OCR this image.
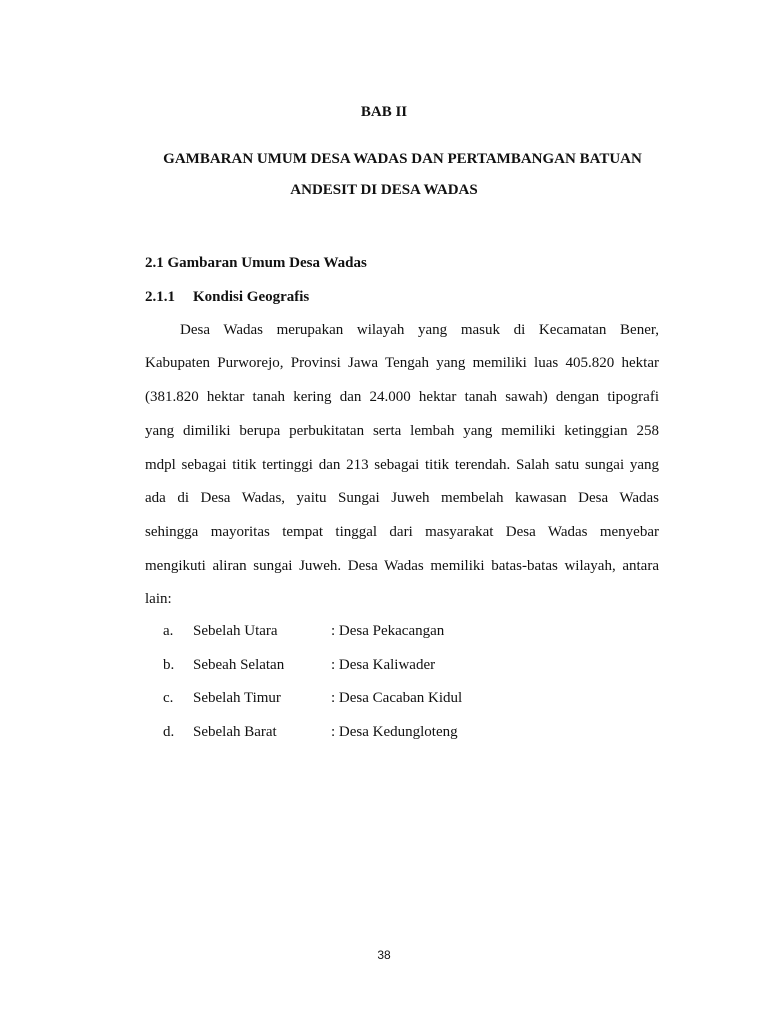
BAB II
GAMBARAN UMUM DESA WADAS DAN PERTAMBANGAN BATUAN
ANDESIT DI DESA WADAS
2.1 Gambaran Umum Desa Wadas
2.1.1 Kondisi Geografis
Desa Wadas merupakan wilayah yang masuk di Kecamatan Bener,
Kabupaten Purworejo, Provinsi Jawa Tengah yang memiliki luas 405.820 hektar
(381.820 hektar tanah kering dan 24.000 hektar tanah sawah) dengan tipografi
yang dimiliki berupa perbukitatan serta lembah yang memiliki ketinggian 258
mdpl sebagai titik tertinggi dan 213 sebagai titik terendah. Salah satu sungai yang
ada di Desa Wadas, yaitu Sungai Juweh membelah kawasan Desa Wadas
sehingga mayoritas tempat tinggal dari masyarakat Desa Wadas menyebar
mengikuti aliran sungai Juweh. Desa Wadas memiliki batas-batas wilayah, antara
lain:
a. Sebelah Utara	: Desa Pekacangan
b. Sebeah Selatan	: Desa Kaliwader
c. Sebelah Timur	: Desa Cacaban Kidul
d. Sebelah Barat	: Desa Kedungloteng
38
